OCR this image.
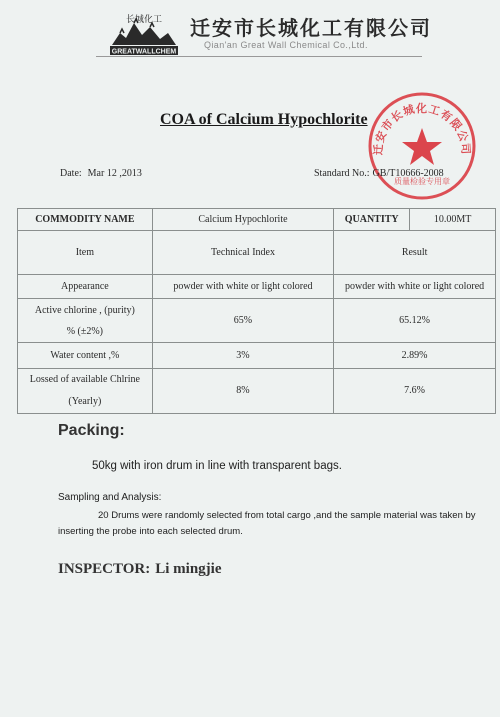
长城化工
GREATWALLCHEM
迁安市长城化工有限公司
Qian'an Great Wall Chemical Co.,Ltd.
COA of Calcium Hypochlorite
迁安市长城化工有限公司
质量检验专用章
Date: Mar 12 ,2013	Standard No.: GB/T10666-2008
COMMODITY NAME	Calcium Hypochlorite	QUANTITY	10.00MT
Item	Technical Index	Result	
Appearance	powder with white or light colored	powder with white or light colored	

Active chlorine , (purity)
% (±2%)	65%	65.12%	
Water content ,%	3%	2.89%	

Lossed of available Chlrine
(Yearly)	8%	7.6%	
Packing:
50kg with iron drum in line with transparent bags.
Sampling and Analysis:
20 Drums were randomly selected from total cargo ,and the sample material was taken by inserting the probe into each selected drum.
INSPECTOR: Li mingjie
